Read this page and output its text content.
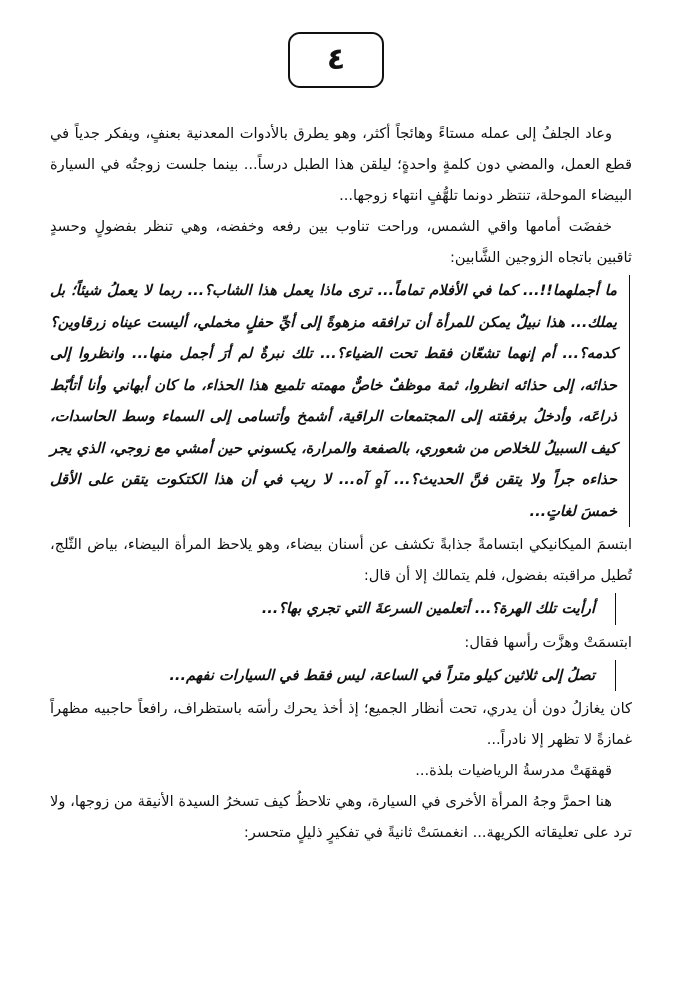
٤

وعاد الجلفُ إلى عمله مستاءً وهائجاً أكثر، وهو يطرق بالأدوات المعدنية بعنفٍ، ويفكر جدياً في قطع العمل، والمضي دون كلمةٍ واحدةٍ؛ ليلقن هذا الطبل درساً... بينما جلست زوجتُه في السيارة البيضاء الموحلة، تنتظر دونما تلهُّفٍ انتهاء زوجها...

خفضَت أمامها واقي الشمس، وراحت تناوب بين رفعه وخفضه، وهي تنظر بفضولٍ وحسدٍ ثاقبين باتجاه الزوجين الشَّابين:

ما أجملهما!!... كما في الأفلام تماماً... ترى ماذا يعمل هذا الشاب؟... ربما لا يعملُ شيئاً؛ بل يملك... هذا نبيلٌ يمكن للمرأة أن ترافقه مزهوةً إلى أيِّ حفلٍ مخملي، أليست عيناه زرقاوين؟ كدمه؟... أم إنهما تشعّان فقط تحت الضياء؟... تلك نبرةٌ لم أرَ أجمل منها... وانظروا إلى حذائه، إلى حذائه انظروا، ثمة موظفٌ خاصٌّ مهمته تلميع هذا الحذاء، ما كان أبهاني وأنا أتأبّط ذراعَه، وأدخلُ برفقته إلى المجتمعات الراقية، أشمخ وأتسامى إلى السماء وسط الحاسدات، كيف السبيلُ للخلاص من شعوري، بالصفعة والمرارة، يكسوني حين أمشي مع زوجي، الذي يجر حذاءه جراً ولا يتقن فنَّ الحديث؟... آهٍ آه... لا ريب في أن هذا الكتكوت يتقن على الأقل خمسَ لغاتٍ...

ابتسمَ الميكانيكي ابتسامةً جذابةً تكشف عن أسنان بيضاء، وهو يلاحظ المرأة البيضاء، بياض الثّلج، تُطيل مراقبته بفضول، فلم يتمالك إلا أن قال:

أرأيت تلك الهرة؟... أتعلمين السرعةَ التي تجري بها؟...

ابتسمَتْ وهزَّت رأسها فقال:

تصلُ إلى ثلاثين كيلو متراً في الساعة، ليس فقط في السيارات نفهم...

كان يغازلُ دون أن يدري، تحت أنظار الجميع؛ إذ أخذ يحرك رأسَه باستظراف، رافعاً حاجبيه مظهراً غمازةً لا تظهر إلا نادراً...

قهقهَتْ مدرسةُ الرياضيات بلذة...

هنا احمرَّ وجهُ المرأة الأخرى في السيارة، وهي تلاحظُ كيف تسخرُ السيدة الأنيقة من زوجها، ولا ترد على تعليقاته الكريهة... انغمسَتْ ثانيةً في تفكيرٍ ذليلٍ متحسر:
